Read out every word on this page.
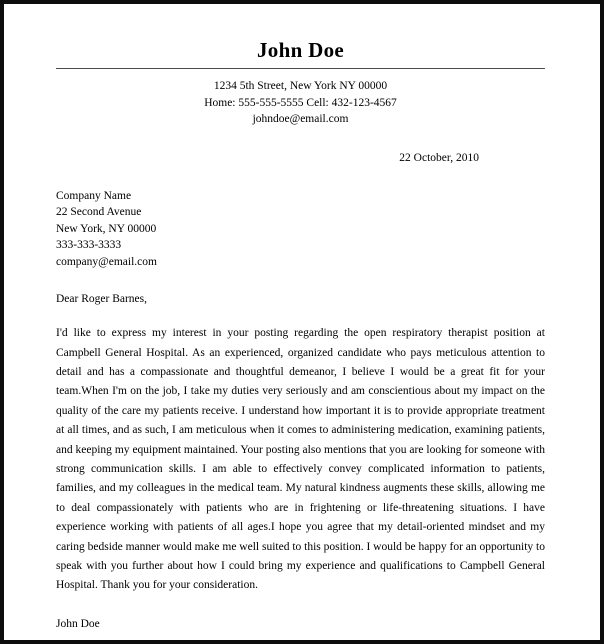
John Doe
1234 5th Street, New York NY 00000
Home: 555-555-5555 Cell: 432-123-4567
johndoe@email.com
22 October, 2010
Company Name
22 Second Avenue
New York, NY 00000
333-333-3333
company@email.com
Dear Roger Barnes,
I'd like to express my interest in your posting regarding the open respiratory therapist position at Campbell General Hospital. As an experienced, organized candidate who pays meticulous attention to detail and has a compassionate and thoughtful demeanor, I believe I would be a great fit for your team.When I'm on the job, I take my duties very seriously and am conscientious about my impact on the quality of the care my patients receive. I understand how important it is to provide appropriate treatment at all times, and as such, I am meticulous when it comes to administering medication, examining patients, and keeping my equipment maintained. Your posting also mentions that you are looking for someone with strong communication skills. I am able to effectively convey complicated information to patients, families, and my colleagues in the medical team. My natural kindness augments these skills, allowing me to deal compassionately with patients who are in frightening or life-threatening situations. I have experience working with patients of all ages.I hope you agree that my detail-oriented mindset and my caring bedside manner would make me well suited to this position. I would be happy for an opportunity to speak with you further about how I could bring my experience and qualifications to Campbell General Hospital. Thank you for your consideration.
John Doe
